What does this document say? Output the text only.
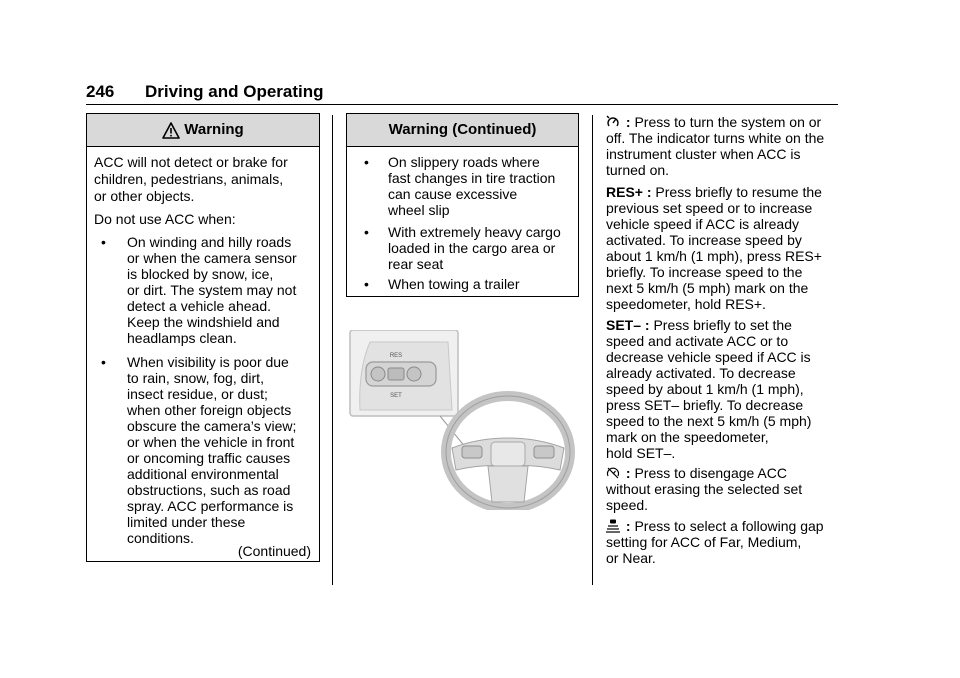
246 Driving and Operating
Warning
ACC will not detect or brake for
children, pedestrians, animals,
or other objects.
Do not use ACC when:
• On winding and hilly roads
or when the camera sensor
is blocked by snow, ice,
or dirt. The system may not
detect a vehicle ahead.
Keep the windshield and
headlamps clean.
• When visibility is poor due
to rain, snow, fog, dirt,
insect residue, or dust;
when other foreign objects
obscure the camera’s view;
or when the vehicle in front
or oncoming traffic causes
additional environmental
obstructions, such as road
spray. ACC performance is
limited under these
conditions.
(Continued)
Warning (Continued)
• On slippery roads where
fast changes in tire traction
can cause excessive
wheel slip
• With extremely heavy cargo
loaded in the cargo area or
rear seat
• When towing a trailer
RES
SET
: Press to turn the system on or
off. The indicator turns white on the
instrument cluster when ACC is
turned on.
RES+ : Press briefly to resume the
previous set speed or to increase
vehicle speed if ACC is already
activated. To increase speed by
about 1 km/h (1 mph), press RES+
briefly. To increase speed to the
next 5 km/h (5 mph) mark on the
speedometer, hold RES+.
SET– : Press briefly to set the
speed and activate ACC or to
decrease vehicle speed if ACC is
already activated. To decrease
speed by about 1 km/h (1 mph),
press SET– briefly. To decrease
speed to the next 5 km/h (5 mph)
mark on the speedometer,
hold SET–.
: Press to disengage ACC
without erasing the selected set
speed.
: Press to select a following gap
setting for ACC of Far, Medium,
or Near.
